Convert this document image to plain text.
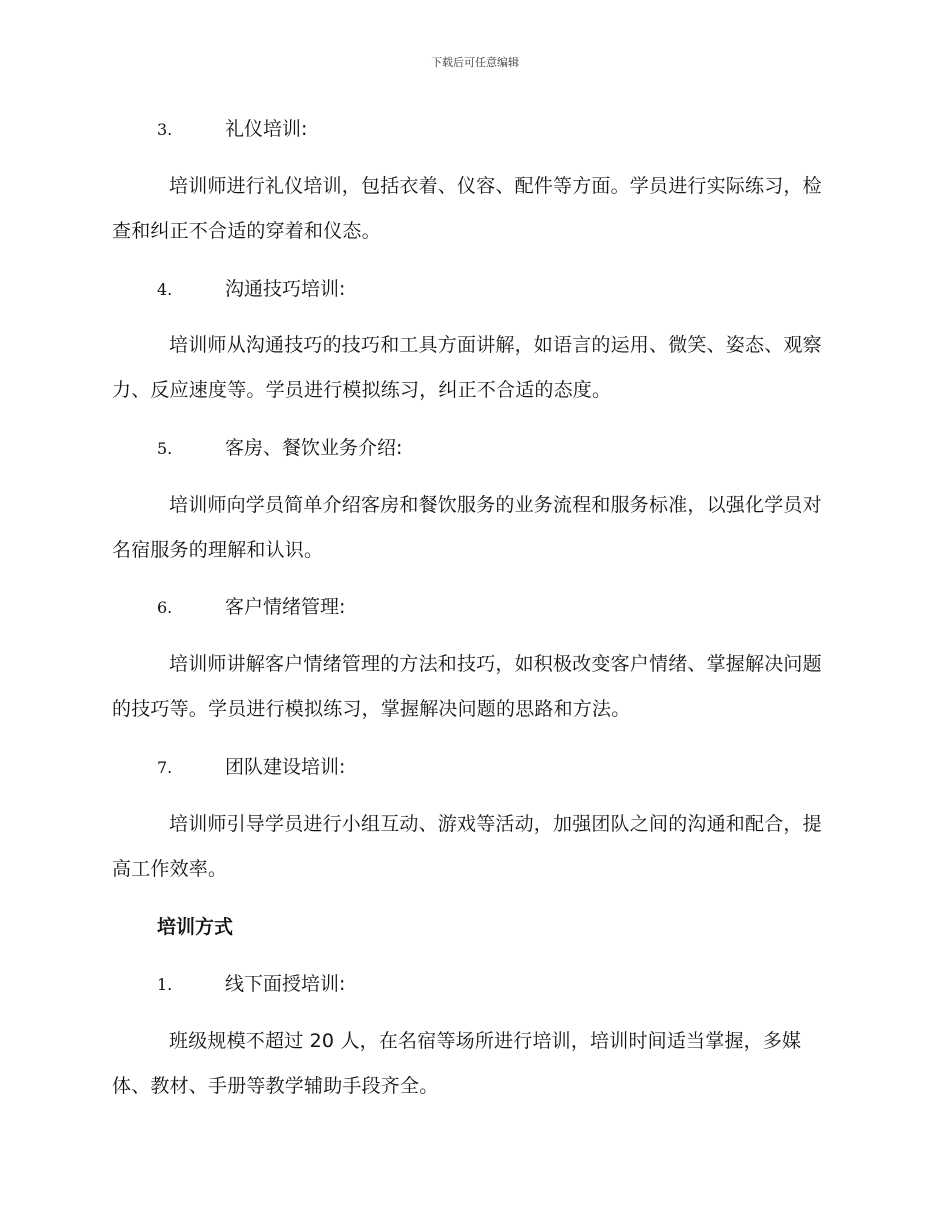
下载后可任意编辑
3.	礼仪培训:
培训师进行礼仪培训，包括衣着、仪容、配件等方面。学员进行实际练习，检查和纠正不合适的穿着和仪态。
4.	沟通技巧培训:
培训师从沟通技巧的技巧和工具方面讲解，如语言的运用、微笑、姿态、观察力、反应速度等。学员进行模拟练习，纠正不合适的态度。
5.	客房、餐饮业务介绍:
培训师向学员简单介绍客房和餐饮服务的业务流程和服务标准，以强化学员对名宿服务的理解和认识。
6.	客户情绪管理:
培训师讲解客户情绪管理的方法和技巧，如积极改变客户情绪、掌握解决问题的技巧等。学员进行模拟练习，掌握解决问题的思路和方法。
7.	团队建设培训:
培训师引导学员进行小组互动、游戏等活动，加强团队之间的沟通和配合，提高工作效率。
培训方式
1.	线下面授培训:
班级规模不超过 20 人，在名宿等场所进行培训，培训时间适当掌握，多媒体、教材、手册等教学辅助手段齐全。
